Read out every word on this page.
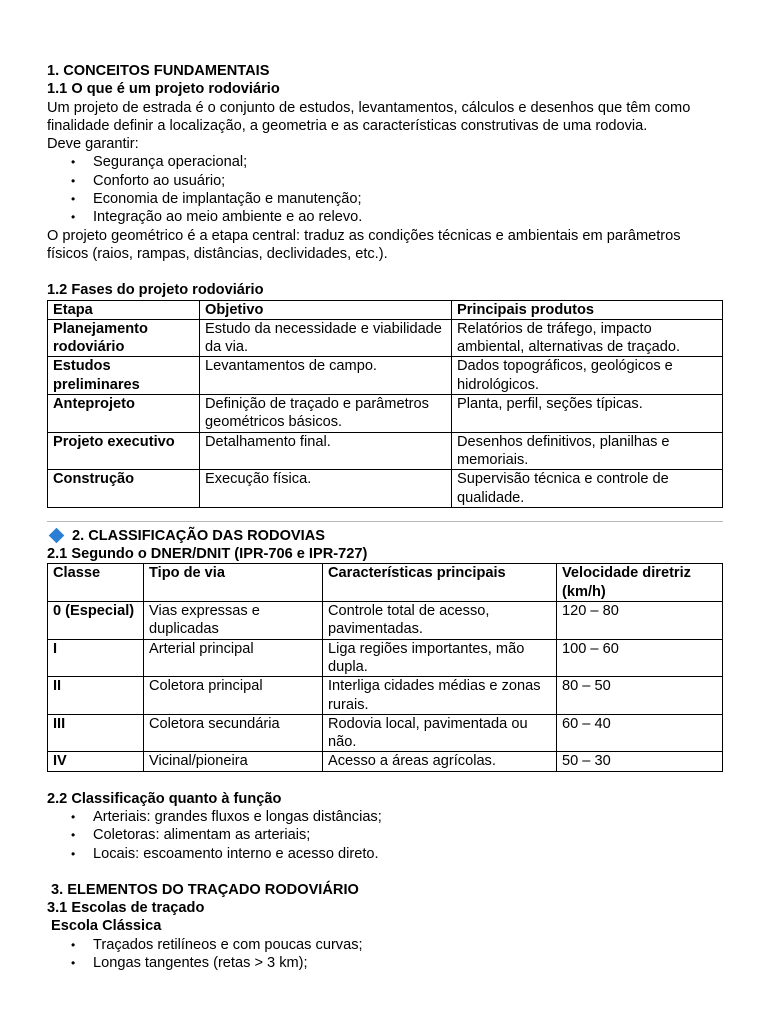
1. CONCEITOS FUNDAMENTAIS

1.1 O que é um projeto rodoviário

Um projeto de estrada é o conjunto de estudos, levantamentos, cálculos e desenhos que têm como finalidade definir a localização, a geometria e as características construtivas de uma rodovia.

Deve garantir:

• Segurança operacional;
• Conforto ao usuário;
• Economia de implantação e manutenção;
• Integração ao meio ambiente e ao relevo.

O projeto geométrico é a etapa central: traduz as condições técnicas e ambientais em parâmetros físicos (raios, rampas, distâncias, declividades, etc.).

1.2 Fases do projeto rodoviário

Etapa	Objetivo	Principais produtos
Planejamento rodoviário	Estudo da necessidade e viabilidade da via.	Relatórios de tráfego, impacto ambiental, alternativas de traçado.
Estudos preliminares	Levantamentos de campo.	Dados topográficos, geológicos e hidrológicos.
Anteprojeto	Definição de traçado e parâmetros geométricos básicos.	Planta, perfil, seções típicas.
Projeto executivo	Detalhamento final.	Desenhos definitivos, planilhas e memoriais.
Construção	Execução física.	Supervisão técnica e controle de qualidade.

2. CLASSIFICAÇÃO DAS RODOVIAS

2.1 Segundo o DNER/DNIT (IPR-706 e IPR-727)

Classe	Tipo de via	Características principais	Velocidade diretriz (km/h)
0 (Especial)	Vias expressas e duplicadas	Controle total de acesso, pavimentadas.	120 – 80
I	Arterial principal	Liga regiões importantes, mão dupla.	100 – 60
II	Coletora principal	Interliga cidades médias e zonas rurais.	80 – 50
III	Coletora secundária	Rodovia local, pavimentada ou não.	60 – 40
IV	Vicinal/pioneira	Acesso a áreas agrícolas.	50 – 30

2.2 Classificação quanto à função

• Arteriais: grandes fluxos e longas distâncias;
• Coletoras: alimentam as arteriais;
• Locais: escoamento interno e acesso direto.

3. ELEMENTOS DO TRAÇADO RODOVIÁRIO

3.1 Escolas de traçado

Escola Clássica

• Traçados retilíneos e com poucas curvas;
• Longas tangentes (retas > 3 km);
